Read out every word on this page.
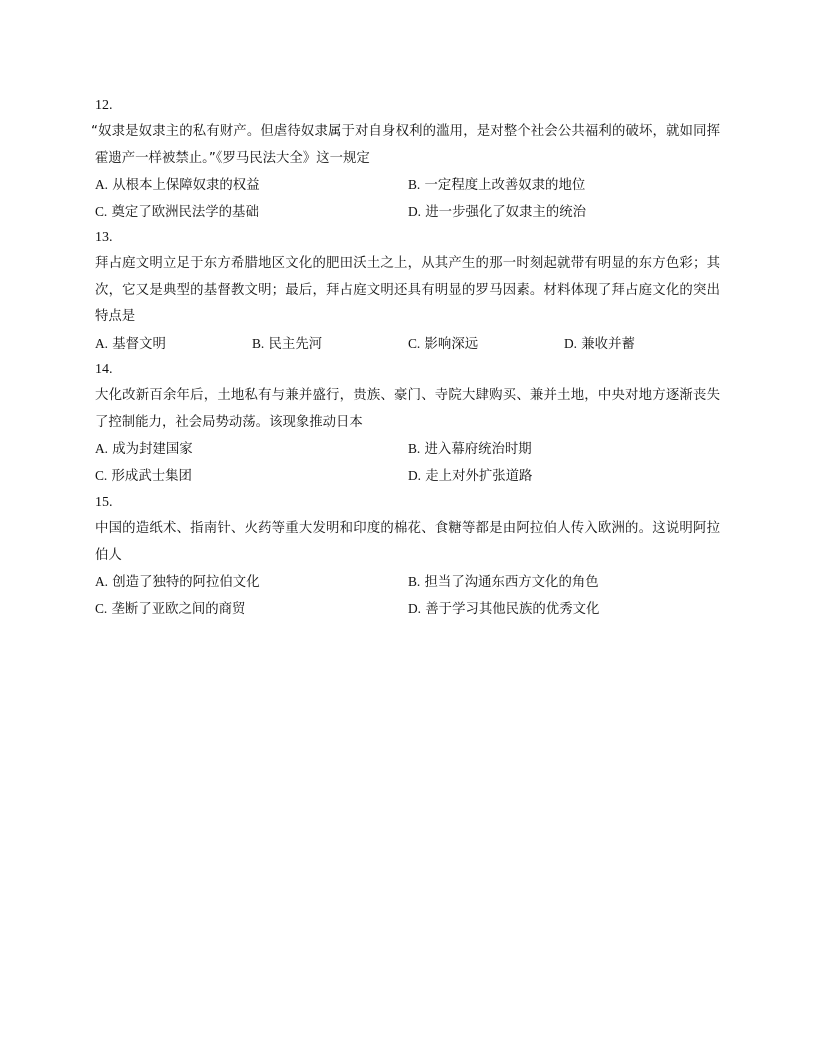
12.
“奴隶是奴隶主的私有财产。但虐待奴隶属于对自身权利的滥用，是对整个社会公共福利的破坏，就如同挥霍遗产一样被禁止。”《罗马民法大全》这一规定
A. 从根本上保障奴隶的权益	B. 一定程度上改善奴隶的地位
C. 奠定了欧洲民法学的基础	D. 进一步强化了奴隶主的统治
13.
拜占庭文明立足于东方希腊地区文化的肥田沃土之上，从其产生的那一时刻起就带有明显的东方色彩；其次，它又是典型的基督教文明；最后，拜占庭文明还具有明显的罗马因素。材料体现了拜占庭文化的突出特点是
A. 基督文明	B. 民主先河	C. 影响深远	D. 兼收并蓄
14.
大化改新百余年后，土地私有与兼并盛行，贵族、豪门、寺院大肆购买、兼并土地，中央对地方逐渐丧失了控制能力，社会局势动荡。该现象推动日本
A. 成为封建国家	B. 进入幕府统治时期
C. 形成武士集团	D. 走上对外扩张道路
15.
中国的造纸术、指南针、火药等重大发明和印度的棉花、食糖等都是由阿拉伯人传入欧洲的。这说明阿拉伯人
A. 创造了独特的阿拉伯文化	B. 担当了沟通东西方文化的角色
C. 垄断了亚欧之间的商贸	D. 善于学习其他民族的优秀文化
